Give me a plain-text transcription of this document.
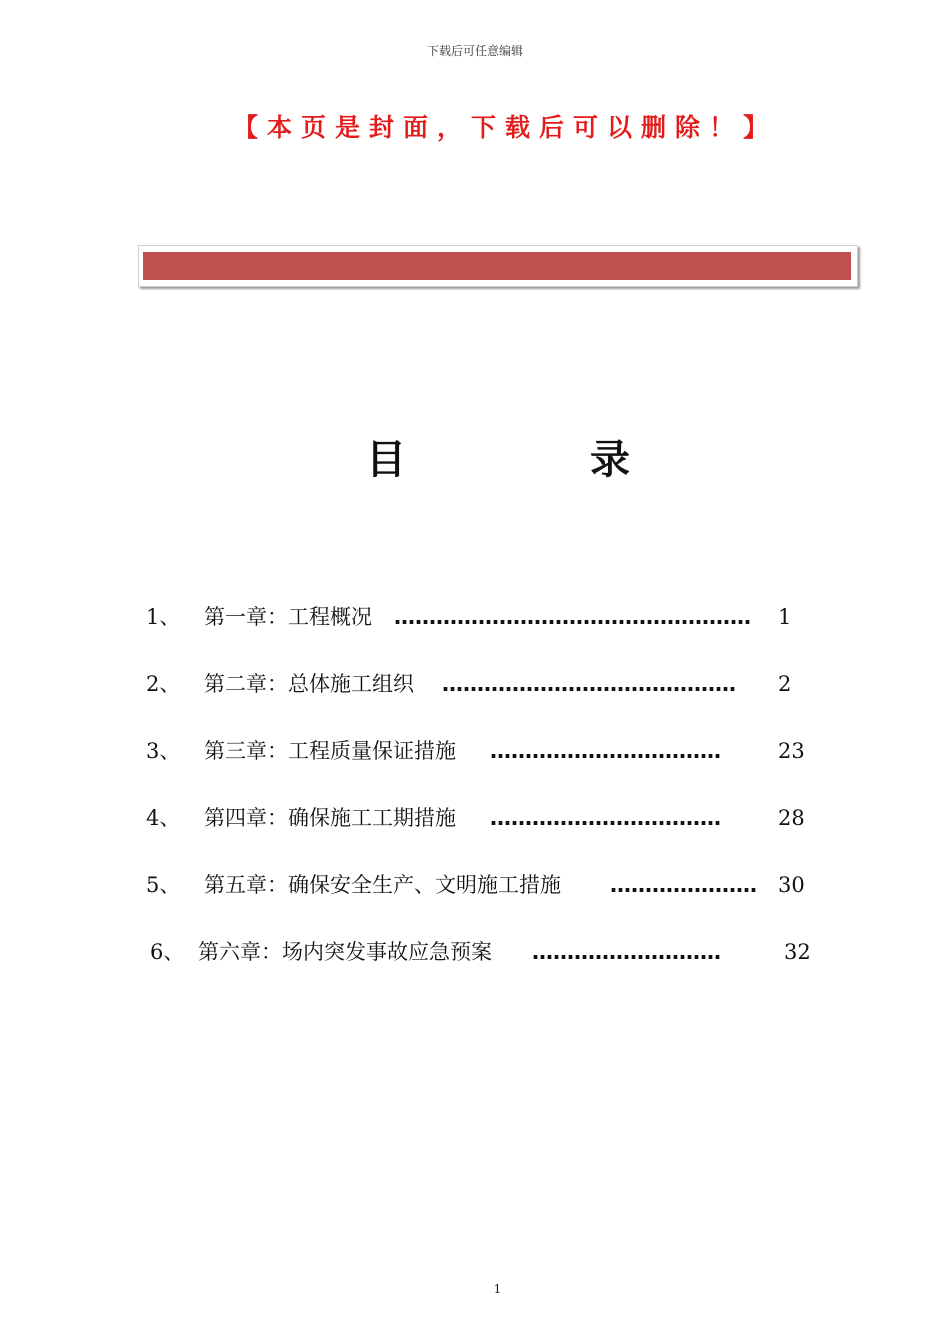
下载后可任意编辑
【本页是封面，下载后可以删除！】
目	录
1、 第一章：工程概况 ……………………………………………	1
2、 第二章：总体施工组织 ……………………………………	2
3、 第三章：工程质量保证措施 ……………………………	23
4、 第四章：确保施工工期措施 ……………………………	28
5、 第五章：确保安全生产、文明施工措施 …………………	30
6、 第六章：场内突发事故应急预案 ………………………	32
1
